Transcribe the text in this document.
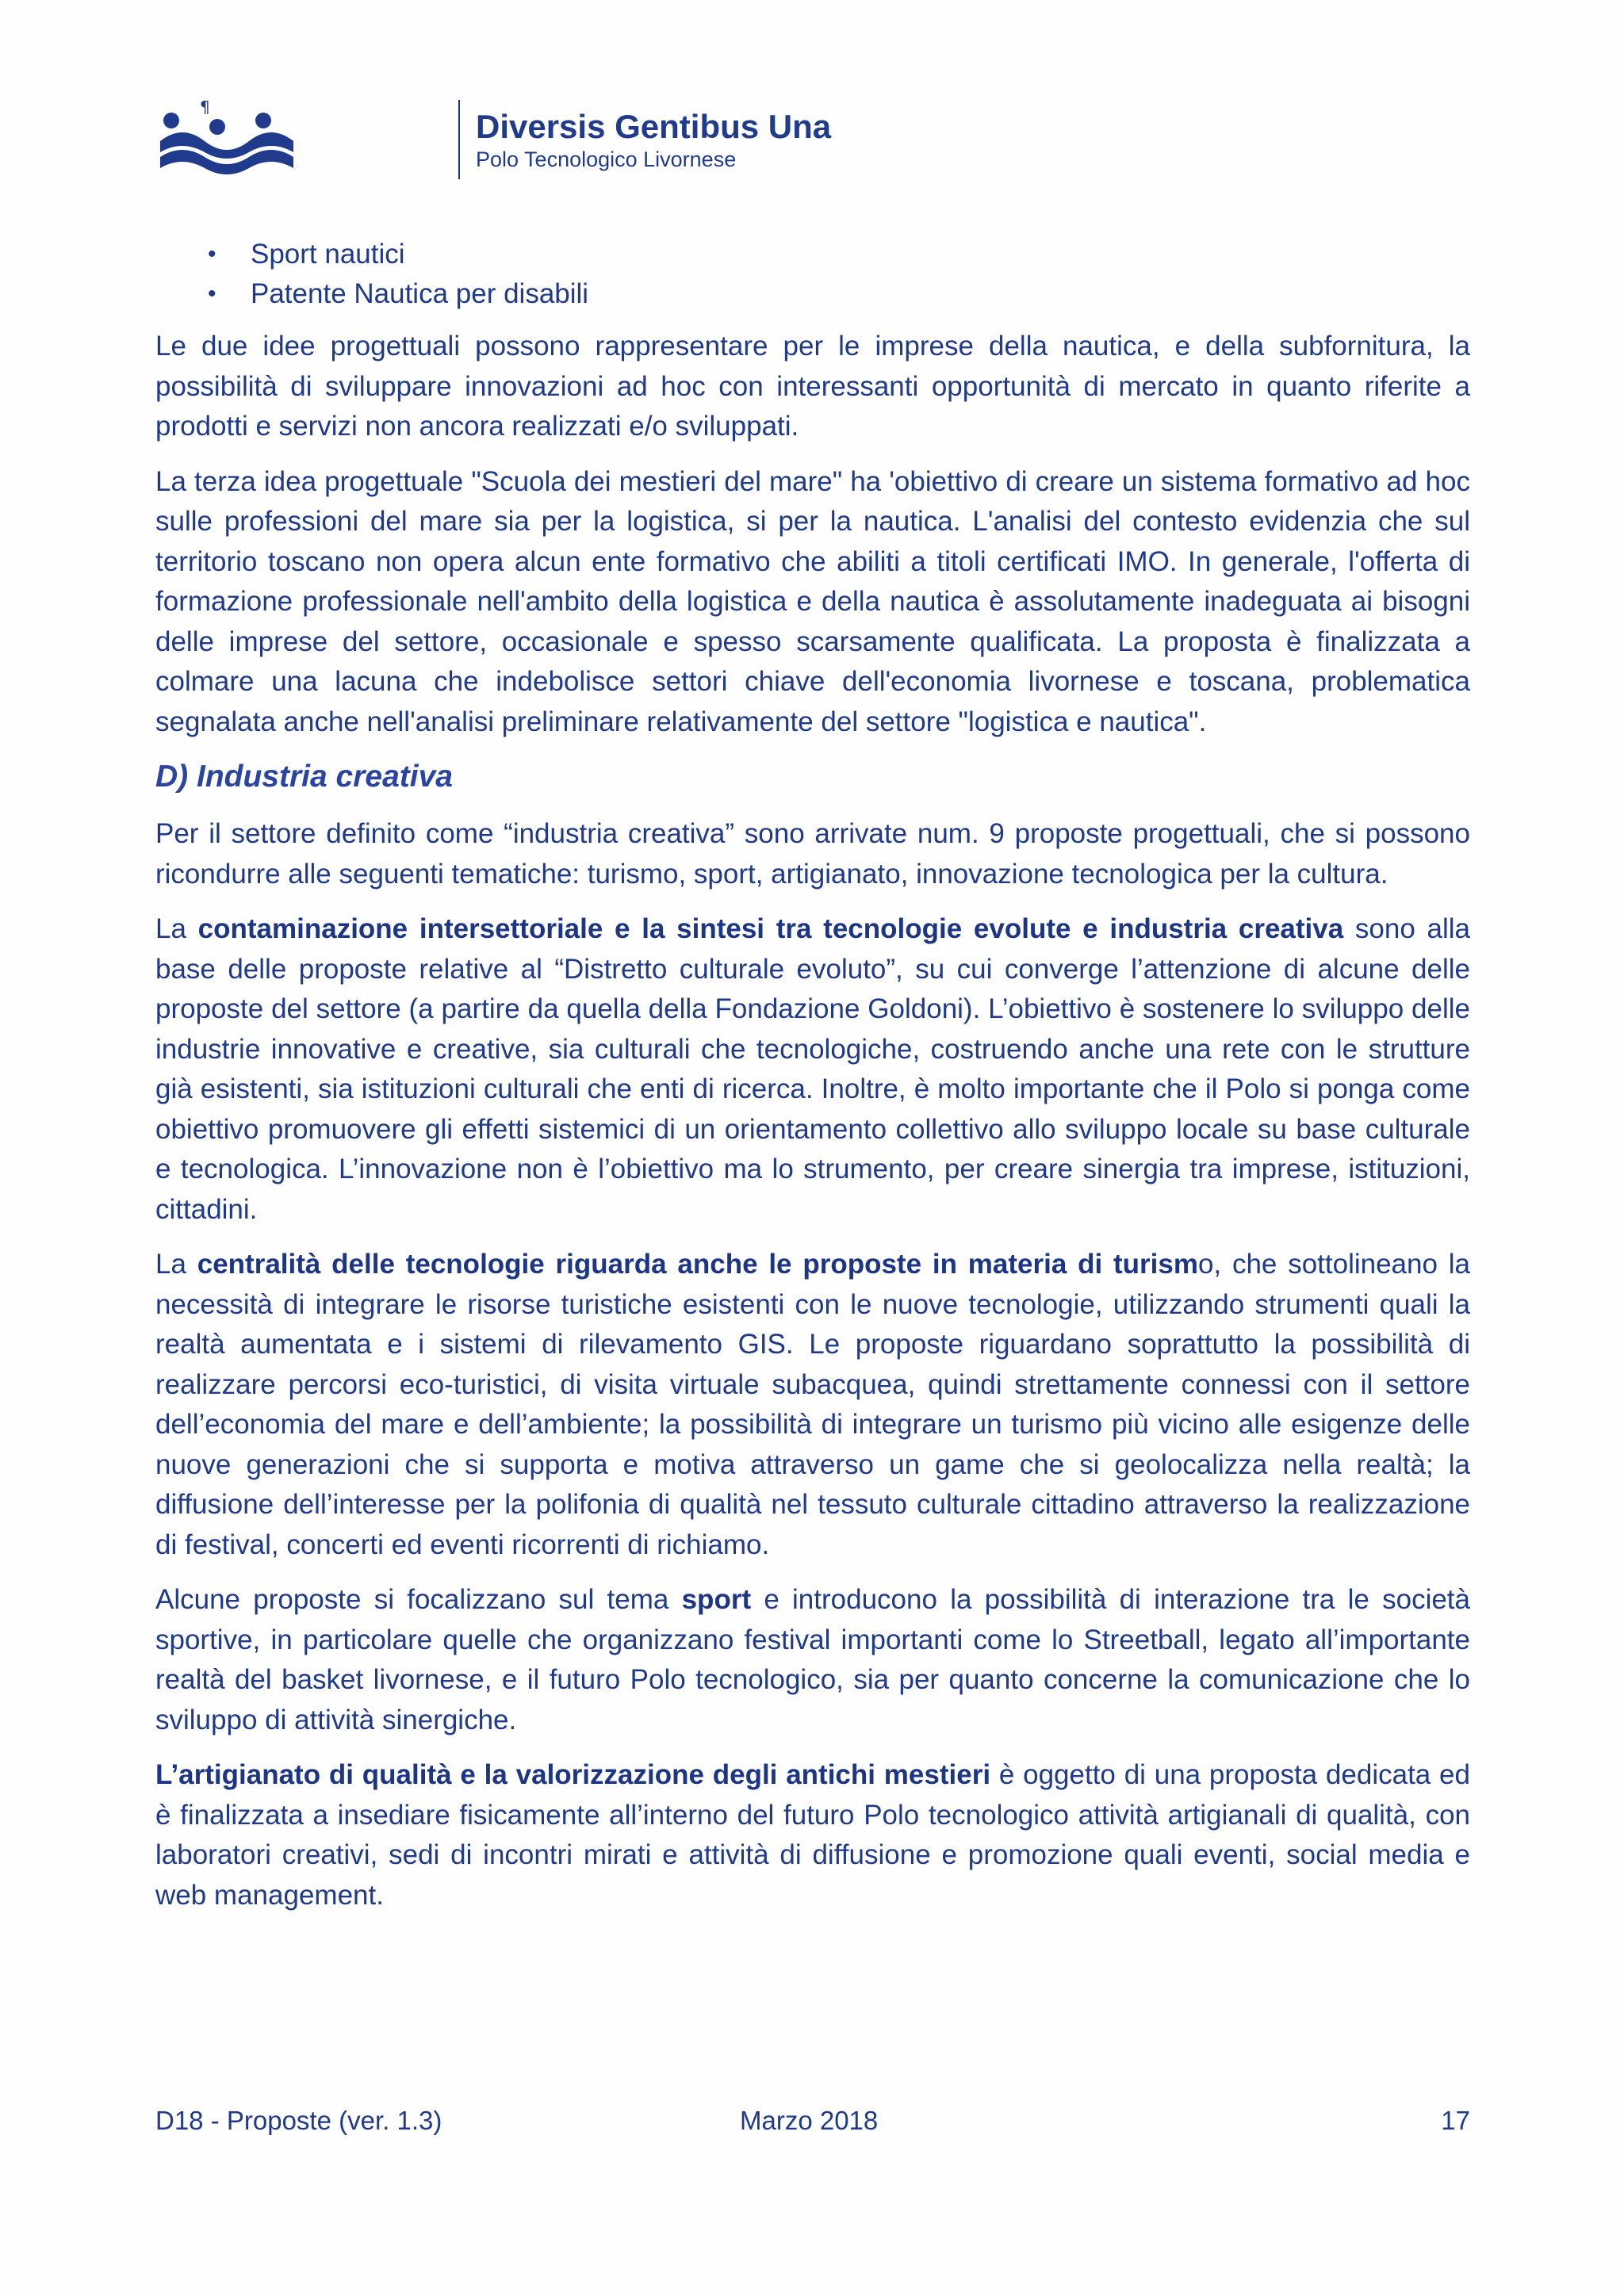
¶
Diversis Gentibus Una
Polo Tecnologico Livornese
• Sport nautici
• Patente Nautica per disabili

Le due idee progettuali possono rappresentare per le imprese della nautica, e della subfornitura, la possibilità di sviluppare innovazioni ad hoc con interessanti opportunità di mercato in quanto riferite a prodotti e servizi non ancora realizzati e/o sviluppati.

La terza idea progettuale "Scuola dei mestieri del mare" ha 'obiettivo di creare un sistema formativo ad hoc sulle professioni del mare sia per la logistica, si per la nautica. L'analisi del contesto evidenzia che sul territorio toscano non opera alcun ente formativo che abiliti a titoli certificati IMO. In generale, l'offerta di formazione professionale nell'ambito della logistica e della nautica è assolutamente inadeguata ai bisogni delle imprese del settore, occasionale e spesso scarsamente qualificata. La proposta è finalizzata a colmare una lacuna che indebolisce settori chiave dell'economia livornese e toscana, problematica segnalata anche nell'analisi preliminare relativamente del settore "logistica e nautica".

D) Industria creativa

Per il settore definito come “industria creativa” sono arrivate num. 9 proposte progettuali, che si possono ricondurre alle seguenti tematiche: turismo, sport, artigianato, innovazione tecnologica per la cultura.

La contaminazione intersettoriale e la sintesi tra tecnologie evolute e industria creativa sono alla base delle proposte relative al “Distretto culturale evoluto”, su cui converge l’attenzione di alcune delle proposte del settore (a partire da quella della Fondazione Goldoni). L’obiettivo è sostenere lo sviluppo delle industrie innovative e creative, sia culturali che tecnologiche, costruendo anche una rete con le strutture già esistenti, sia istituzioni culturali che enti di ricerca. Inoltre, è molto importante che il Polo si ponga come obiettivo promuovere gli effetti sistemici di un orientamento collettivo allo sviluppo locale su base culturale e tecnologica. L’innovazione non è l’obiettivo ma lo strumento, per creare sinergia tra imprese, istituzioni, cittadini.

La centralità delle tecnologie riguarda anche le proposte in materia di turismo, che sottolineano la necessità di integrare le risorse turistiche esistenti con le nuove tecnologie, utilizzando strumenti quali la realtà aumentata e i sistemi di rilevamento GIS. Le proposte riguardano soprattutto la possibilità di realizzare percorsi eco-turistici, di visita virtuale subacquea, quindi strettamente connessi con il settore dell’economia del mare e dell’ambiente; la possibilità di integrare un turismo più vicino alle esigenze delle nuove generazioni che si supporta e motiva attraverso un game che si geolocalizza nella realtà; la diffusione dell’interesse per la polifonia di qualità nel tessuto culturale cittadino attraverso la realizzazione di festival, concerti ed eventi ricorrenti di richiamo.

Alcune proposte si focalizzano sul tema sport e introducono la possibilità di interazione tra le società sportive, in particolare quelle che organizzano festival importanti come lo Streetball, legato all’importante realtà del basket livornese, e il futuro Polo tecnologico, sia per quanto concerne la comunicazione che lo sviluppo di attività sinergiche.

L’artigianato di qualità e la valorizzazione degli antichi mestieri è oggetto di una proposta dedicata ed è finalizzata a insediare fisicamente all’interno del futuro Polo tecnologico attività artigianali di qualità, con laboratori creativi, sedi di incontri mirati e attività di diffusione e promozione quali eventi, social media e web management.

D18 - Proposte (ver. 1.3)	Marzo 2018	17
